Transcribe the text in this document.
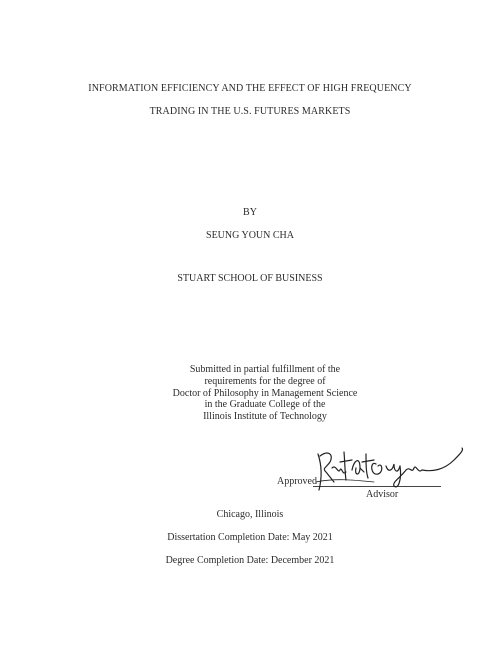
INFORMATION EFFICIENCY AND THE EFFECT OF HIGH FREQUENCY
TRADING IN THE U.S. FUTURES MARKETS
BY
SEUNG YOUN CHA
STUART SCHOOL OF BUSINESS
Submitted in partial fulfillment of the
requirements for the degree of
Doctor of Philosophy in Management Science
in the Graduate College of the
Illinois Institute of Technology
Approved
Advisor
Chicago, Illinois
Dissertation Completion Date: May 2021
Degree Completion Date: December 2021
